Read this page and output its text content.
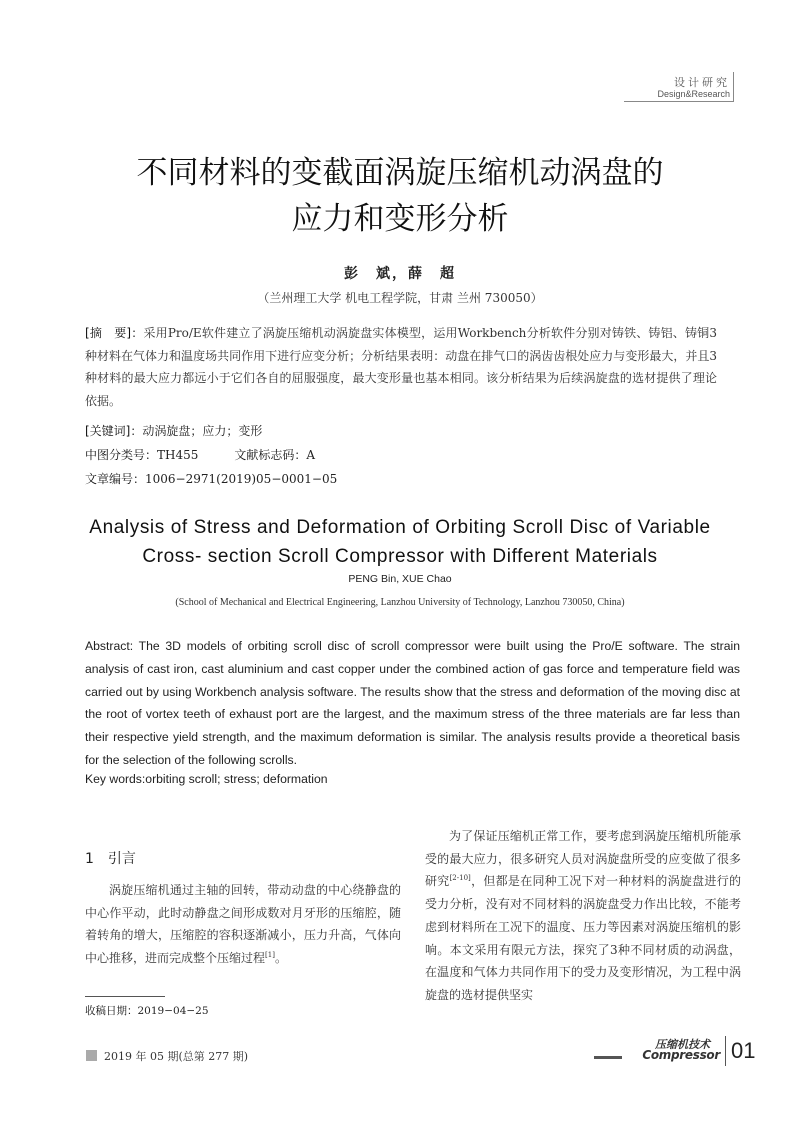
设计研究
Design&Research
不同材料的变截面涡旋压缩机动涡盘的
应力和变形分析
彭　斌，薛　超
（兰州理工大学 机电工程学院，甘肃 兰州 730050）
[摘　要]：采用Pro/E软件建立了涡旋压缩机动涡旋盘实体模型，运用Workbench分析软件分别对铸铁、铸铝、铸铜3种材料在气体力和温度场共同作用下进行应变分析；分析结果表明：动盘在排气口的涡齿齿根处应力与变形最大，并且3种材料的最大应力都远小于它们各自的屈服强度，最大变形量也基本相同。该分析结果为后续涡旋盘的选材提供了理论依据。
[关键词]：动涡旋盘；应力；变形
中图分类号：TH455	文献标志码：A
文章编号：1006−2971(2019)05−0001−05
Analysis of Stress and Deformation of Orbiting Scroll Disc of Variable
Cross- section Scroll Compressor with Different Materials
PENG Bin, XUE Chao
(School of Mechanical and Electrical Engineering, Lanzhou University of Technology, Lanzhou 730050, China)
Abstract: The 3D models of orbiting scroll disc of scroll compressor were built using the Pro/E software. The strain analysis of cast iron, cast aluminium and cast copper under the combined action of gas force and temperature field was carried out by using Workbench analysis software. The results show that the stress and deformation of the moving disc at the root of vortex teeth of exhaust port are the largest, and the maximum stress of the three materials are far less than their respective yield strength, and the maximum deformation is similar. The analysis results provide a theoretical basis for the selection of the following scrolls.
Key words:orbiting scroll; stress; deformation
1 引言
涡旋压缩机通过主轴的回转，带动动盘的中心绕静盘的中心作平动，此时动静盘之间形成数对月牙形的压缩腔，随着转角的增大，压缩腔的容积逐渐减小，压力升高，气体向中心推移，进而完成整个压缩过程[1]。
为了保证压缩机正常工作，要考虑到涡旋压缩机所能承受的最大应力，很多研究人员对涡旋盘所受的应变做了很多研究[2-10]，但都是在同种工况下对一种材料的涡旋盘进行的受力分析，没有对不同材料的涡旋盘受力作出比较，不能考虑到材料所在工况下的温度、压力等因素对涡旋压缩机的影响。本文采用有限元方法，探究了3种不同材质的动涡盘，在温度和气体力共同作用下的受力及变形情况，为工程中涡旋盘的选材提供坚实
收稿日期：2019−04−25
2019 年 05 期(总第 277 期)
压缩机技术
Compressor 01
